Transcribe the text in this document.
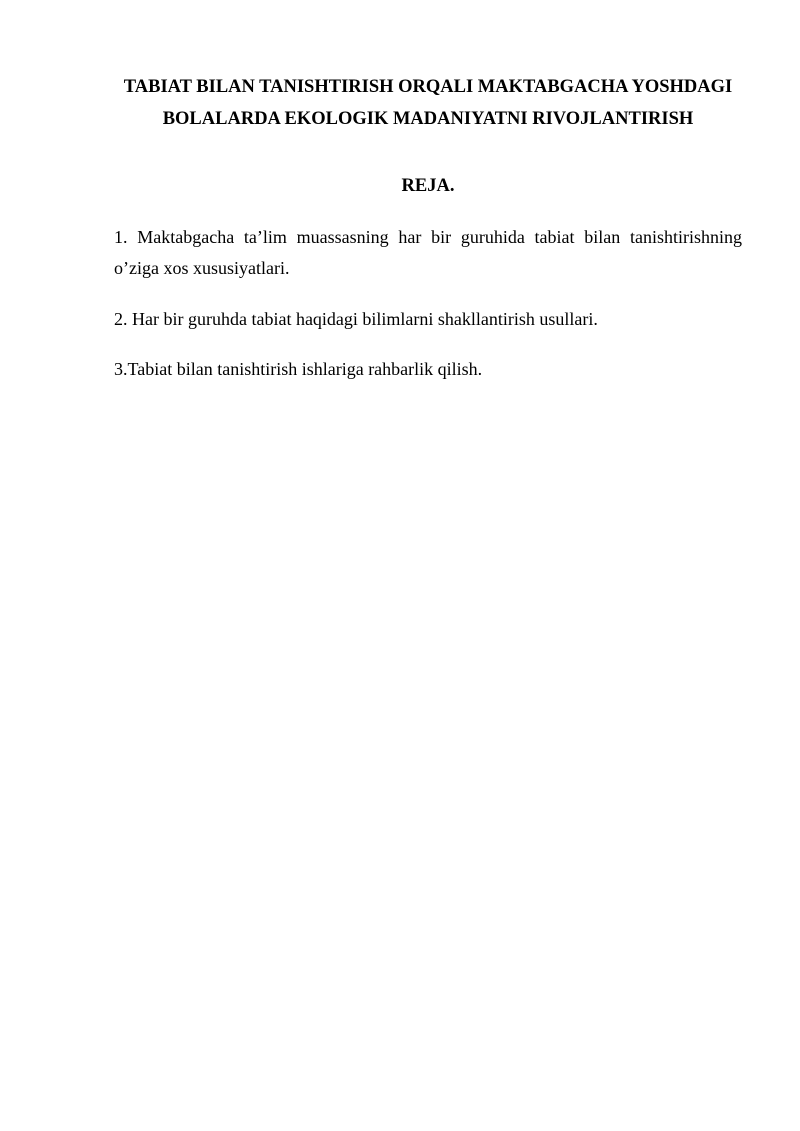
TABIAT BILAN TANISHTIRISH ORQALI MAKTABGACHA YOSHDAGI
BOLALARDA EKOLOGIK MADANIYATNI RIVOJLANTIRISH
REJA.

1. Maktabgacha ta’lim muassasning har bir guruhida tabiat bilan tanishtirishning
o’ziga xos xususiyatlari.

2. Har bir guruhda tabiat haqidagi bilimlarni shakllantirish usullari.

3.Tabiat bilan tanishtirish ishlariga rahbarlik qilish.
